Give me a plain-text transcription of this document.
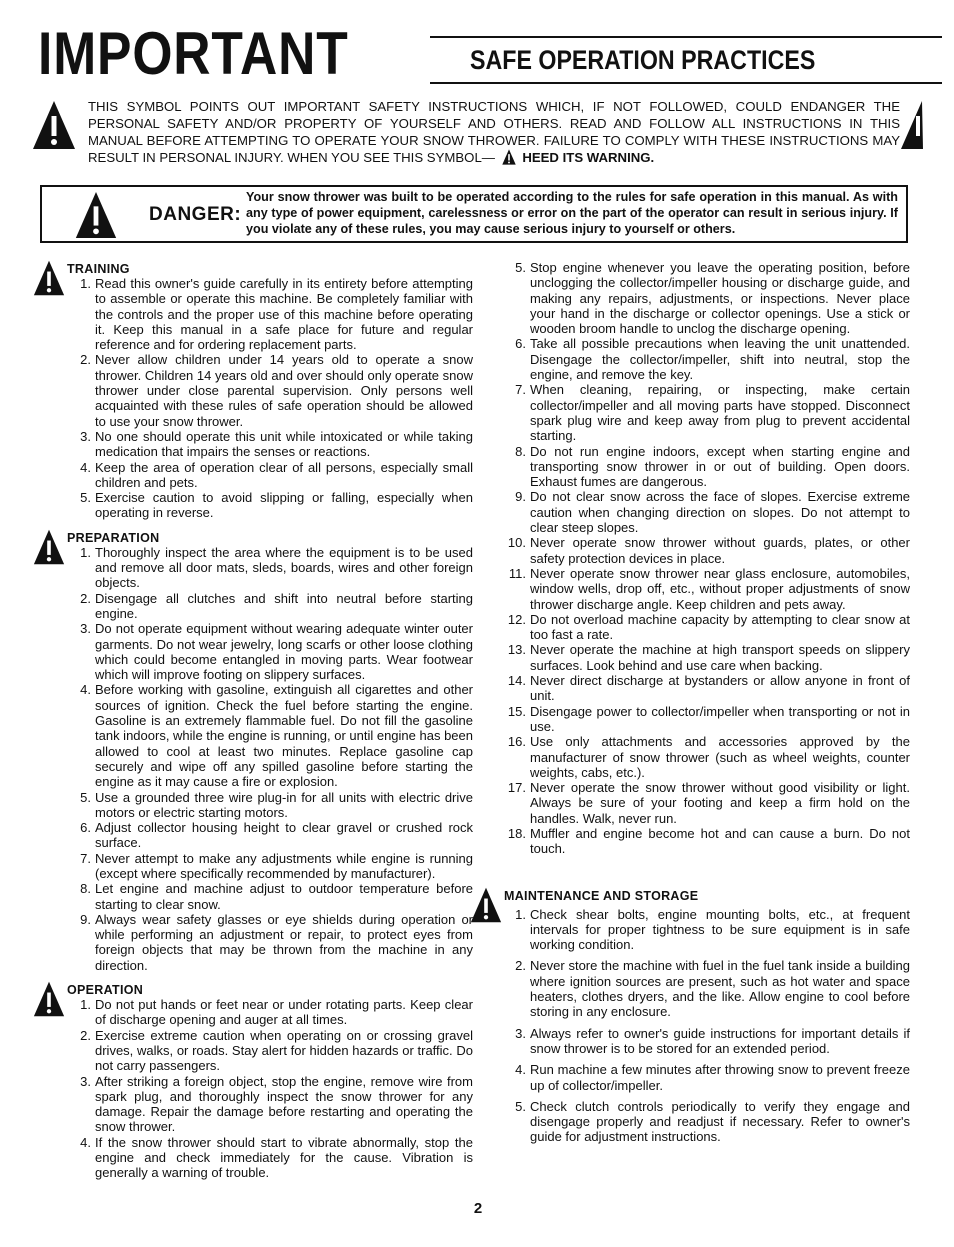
IMPORTANT	SAFE OPERATION PRACTICES
THIS SYMBOL POINTS OUT IMPORTANT SAFETY INSTRUCTIONS WHICH, IF NOT FOLLOWED, COULD ENDANGER THE PERSONAL SAFETY AND/OR PROPERTY OF YOURSELF AND OTHERS. READ AND FOLLOW ALL INSTRUCTIONS IN THIS MANUAL BEFORE ATTEMPTING TO OPERATE YOUR SNOW THROWER. FAILURE TO COMPLY WITH THESE INSTRUCTIONS MAY RESULT IN PERSONAL INJURY. WHEN YOU SEE THIS SYMBOL— HEED ITS WARNING.
DANGER:
Your snow thrower was built to be operated according to the rules for safe operation in this manual. As with any type of power equipment, carelessness or error on the part of the operator can result in serious injury. If you violate any of these rules, you may cause serious injury to yourself or others.
TRAINING
1. Read this owner's guide carefully in its entirety before attempting to assemble or operate this machine. Be completely familiar with the controls and the proper use of this machine before operating it. Keep this manual in a safe place for future and regular reference and for ordering replacement parts.
2. Never allow children under 14 years old to operate a snow thrower. Children 14 years old and over should only operate snow thrower under close parental supervision. Only persons well acquainted with these rules of safe operation should be allowed to use your snow thrower.
3. No one should operate this unit while intoxicated or while taking medication that impairs the senses or reactions.
4. Keep the area of operation clear of all persons, especially small children and pets.
5. Exercise caution to avoid slipping or falling, especially when operating in reverse.
PREPARATION
1. Thoroughly inspect the area where the equipment is to be used and remove all door mats, sleds, boards, wires and other foreign objects.
2. Disengage all clutches and shift into neutral before starting engine.
3. Do not operate equipment without wearing adequate winter outer garments. Do not wear jewelry, long scarfs or other loose clothing which could become entangled in moving parts. Wear footwear which will improve footing on slippery surfaces.
4. Before working with gasoline, extinguish all cigarettes and other sources of ignition. Check the fuel before starting the engine. Gasoline is an extremely flammable fuel. Do not fill the gasoline tank indoors, while the engine is running, or until engine has been allowed to cool at least two minutes. Replace gasoline cap securely and wipe off any spilled gasoline before starting the engine as it may cause a fire or explosion.
5. Use a grounded three wire plug-in for all units with electric drive motors or electric starting motors.
6. Adjust collector housing height to clear gravel or crushed rock surface.
7. Never attempt to make any adjustments while engine is running (except where specifically recommended by manufacturer).
8. Let engine and machine adjust to outdoor temperature before starting to clear snow.
9. Always wear safety glasses or eye shields during operation or while performing an adjustment or repair, to protect eyes from foreign objects that may be thrown from the machine in any direction.
OPERATION
1. Do not put hands or feet near or under rotating parts. Keep clear of discharge opening and auger at all times.
2. Exercise extreme caution when operating on or crossing gravel drives, walks, or roads. Stay alert for hidden hazards or traffic. Do not carry passengers.
3. After striking a foreign object, stop the engine, remove wire from spark plug, and thoroughly inspect the snow thrower for any damage. Repair the damage before restarting and operating the snow thrower.
4. If the snow thrower should start to vibrate abnormally, stop the engine and check immediately for the cause. Vibration is generally a warning of trouble.
5. Stop engine whenever you leave the operating position, before unclogging the collector/impeller housing or discharge guide, and making any repairs, adjustments, or inspections. Never place your hand in the discharge or collector openings. Use a stick or wooden broom handle to unclog the discharge opening.
6. Take all possible precautions when leaving the unit unattended. Disengage the collector/impeller, shift into neutral, stop the engine, and remove the key.
7. When cleaning, repairing, or inspecting, make certain collector/impeller and all moving parts have stopped. Disconnect spark plug wire and keep away from plug to prevent accidental starting.
8. Do not run engine indoors, except when starting engine and transporting snow thrower in or out of building. Open doors. Exhaust fumes are dangerous.
9. Do not clear snow across the face of slopes. Exercise extreme caution when changing direction on slopes. Do not attempt to clear steep slopes.
10. Never operate snow thrower without guards, plates, or other safety protection devices in place.
11. Never operate snow thrower near glass enclosure, automobiles, window wells, drop off, etc., without proper adjustments of snow thrower discharge angle. Keep children and pets away.
12. Do not overload machine capacity by attempting to clear snow at too fast a rate.
13. Never operate the machine at high transport speeds on slippery surfaces. Look behind and use care when backing.
14. Never direct discharge at bystanders or allow anyone in front of unit.
15. Disengage power to collector/impeller when transporting or not in use.
16. Use only attachments and accessories approved by the manufacturer of snow thrower (such as wheel weights, counter weights, cabs, etc.).
17. Never operate the snow thrower without good visibility or light. Always be sure of your footing and keep a firm hold on the handles. Walk, never run.
18. Muffler and engine become hot and can cause a burn. Do not touch.
MAINTENANCE AND STORAGE
1. Check shear bolts, engine mounting bolts, etc., at frequent intervals for proper tightness to be sure equipment is in safe working condition.
2. Never store the machine with fuel in the fuel tank inside a building where ignition sources are present, such as hot water and space heaters, clothes dryers, and the like. Allow engine to cool before storing in any enclosure.
3. Always refer to owner's guide instructions for important details if snow thrower is to be stored for an extended period.
4. Run machine a few minutes after throwing snow to prevent freeze up of collector/impeller.
5. Check clutch controls periodically to verify they engage and disengage properly and readjust if necessary. Refer to owner's guide for adjustment instructions.
2
